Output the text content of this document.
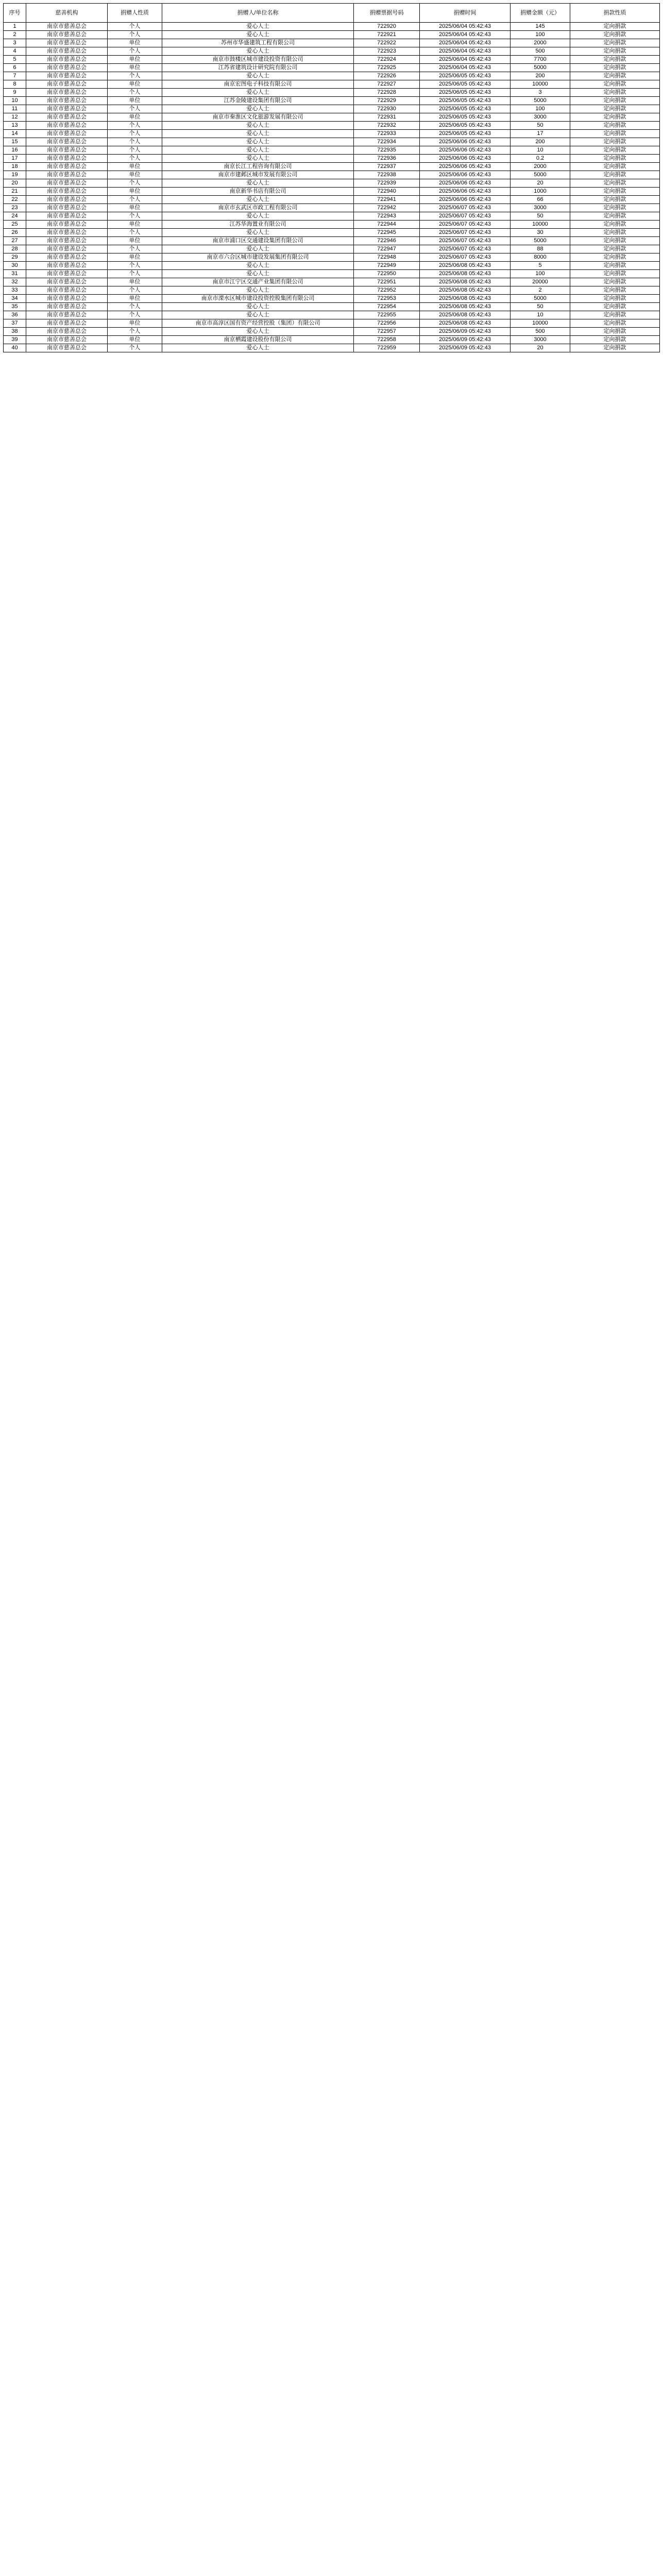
序号	慈善机构	捐赠人性质	捐赠人/单位名称	捐赠票据号码	捐赠时间	捐赠金额（元）	捐款性质
1	南京市慈善总会	个人	爱心人士	722920	2025/06/04 05:42:43	145	定向捐款
2	南京市慈善总会	个人	爱心人士	722921	2025/06/04 05:42:43	100	定向捐款
3	南京市慈善总会	单位	苏州市华盛建筑工程有限公司	722922	2025/06/04 05:42:43	2000	定向捐款
4	南京市慈善总会	个人	爱心人士	722923	2025/06/04 05:42:43	500	定向捐款
5	南京市慈善总会	单位	南京市鼓楼区城市建设投资有限公司	722924	2025/06/04 05:42:43	7700	定向捐款
6	南京市慈善总会	单位	江苏省建筑设计研究院有限公司	722925	2025/06/04 05:42:43	5000	定向捐款
7	南京市慈善总会	个人	爱心人士	722926	2025/06/05 05:42:43	200	定向捐款
8	南京市慈善总会	单位	南京宏图电子科技有限公司	722927	2025/06/05 05:42:43	10000	定向捐款
9	南京市慈善总会	个人	爱心人士	722928	2025/06/05 05:42:43	3	定向捐款
10	南京市慈善总会	单位	江苏金陵建设集团有限公司	722929	2025/06/05 05:42:43	5000	定向捐款
11	南京市慈善总会	个人	爱心人士	722930	2025/06/05 05:42:43	100	定向捐款
12	南京市慈善总会	单位	南京市秦淮区文化旅游发展有限公司	722931	2025/06/05 05:42:43	3000	定向捐款
13	南京市慈善总会	个人	爱心人士	722932	2025/06/05 05:42:43	50	定向捐款
14	南京市慈善总会	个人	爱心人士	722933	2025/06/05 05:42:43	17	定向捐款
15	南京市慈善总会	个人	爱心人士	722934	2025/06/06 05:42:43	200	定向捐款
16	南京市慈善总会	个人	爱心人士	722935	2025/06/06 05:42:43	10	定向捐款
17	南京市慈善总会	个人	爱心人士	722936	2025/06/06 05:42:43	0.2	定向捐款
18	南京市慈善总会	单位	南京长江工程咨询有限公司	722937	2025/06/06 05:42:43	2000	定向捐款
19	南京市慈善总会	单位	南京市建邺区城市发展有限公司	722938	2025/06/06 05:42:43	5000	定向捐款
20	南京市慈善总会	个人	爱心人士	722939	2025/06/06 05:42:43	20	定向捐款
21	南京市慈善总会	单位	南京新华书店有限公司	722940	2025/06/06 05:42:43	1000	定向捐款
22	南京市慈善总会	个人	爱心人士	722941	2025/06/06 05:42:43	66	定向捐款
23	南京市慈善总会	单位	南京市玄武区市政工程有限公司	722942	2025/06/07 05:42:43	3000	定向捐款
24	南京市慈善总会	个人	爱心人士	722943	2025/06/07 05:42:43	50	定向捐款
25	南京市慈善总会	单位	江苏华海置业有限公司	722944	2025/06/07 05:42:43	10000	定向捐款
26	南京市慈善总会	个人	爱心人士	722945	2025/06/07 05:42:43	30	定向捐款
27	南京市慈善总会	单位	南京市浦口区交通建设集团有限公司	722946	2025/06/07 05:42:43	5000	定向捐款
28	南京市慈善总会	个人	爱心人士	722947	2025/06/07 05:42:43	88	定向捐款
29	南京市慈善总会	单位	南京市六合区城市建设发展集团有限公司	722948	2025/06/07 05:42:43	8000	定向捐款
30	南京市慈善总会	个人	爱心人士	722949	2025/06/08 05:42:43	5	定向捐款
31	南京市慈善总会	个人	爱心人士	722950	2025/06/08 05:42:43	100	定向捐款
32	南京市慈善总会	单位	南京市江宁区交通产业集团有限公司	722951	2025/06/08 05:42:43	20000	定向捐款
33	南京市慈善总会	个人	爱心人士	722952	2025/06/08 05:42:43	2	定向捐款
34	南京市慈善总会	单位	南京市溧水区城市建设投资控股集团有限公司	722953	2025/06/08 05:42:43	5000	定向捐款
35	南京市慈善总会	个人	爱心人士	722954	2025/06/08 05:42:43	50	定向捐款
36	南京市慈善总会	个人	爱心人士	722955	2025/06/08 05:42:43	10	定向捐款
37	南京市慈善总会	单位	南京市高淳区国有资产经营控股（集团）有限公司	722956	2025/06/08 05:42:43	10000	定向捐款
38	南京市慈善总会	个人	爱心人士	722957	2025/06/09 05:42:43	500	定向捐款
39	南京市慈善总会	单位	南京栖霞建设股份有限公司	722958	2025/06/09 05:42:43	3000	定向捐款
40	南京市慈善总会	个人	爱心人士	722959	2025/06/09 05:42:43	20	定向捐款
